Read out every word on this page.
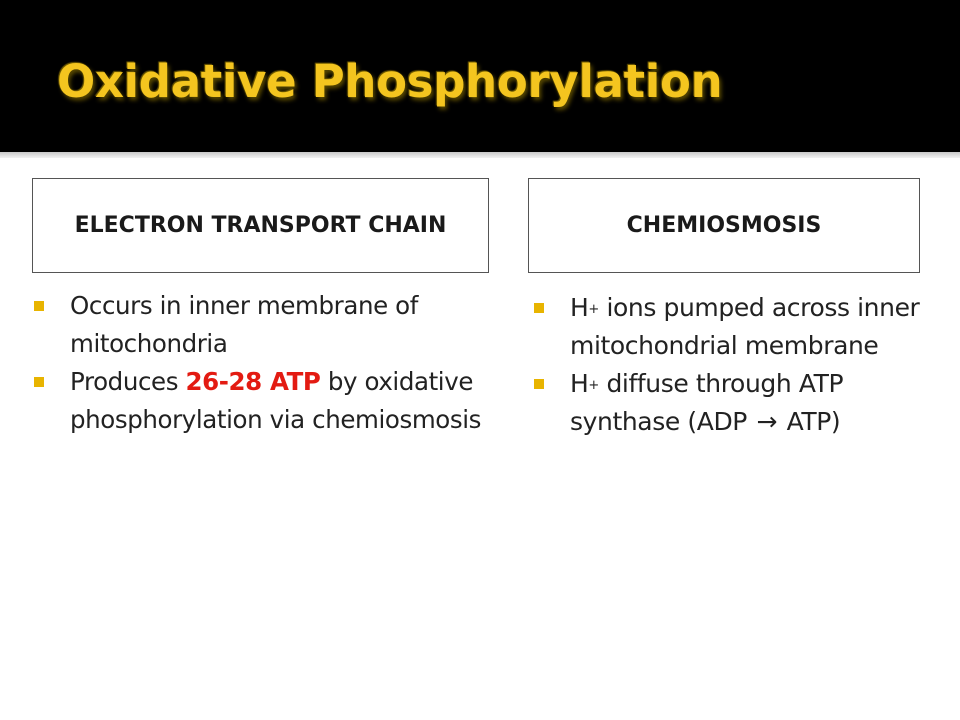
Oxidative Phosphorylation
ELECTRON TRANSPORT CHAIN	CHEMIOSMOSIS
Occurs in inner membrane of mitochondria
Produces 26-28 ATP by oxidative phosphorylation via chemiosmosis
H+ ions pumped across inner mitochondrial membrane
H+ diffuse through ATP synthase (ADP → ATP)
